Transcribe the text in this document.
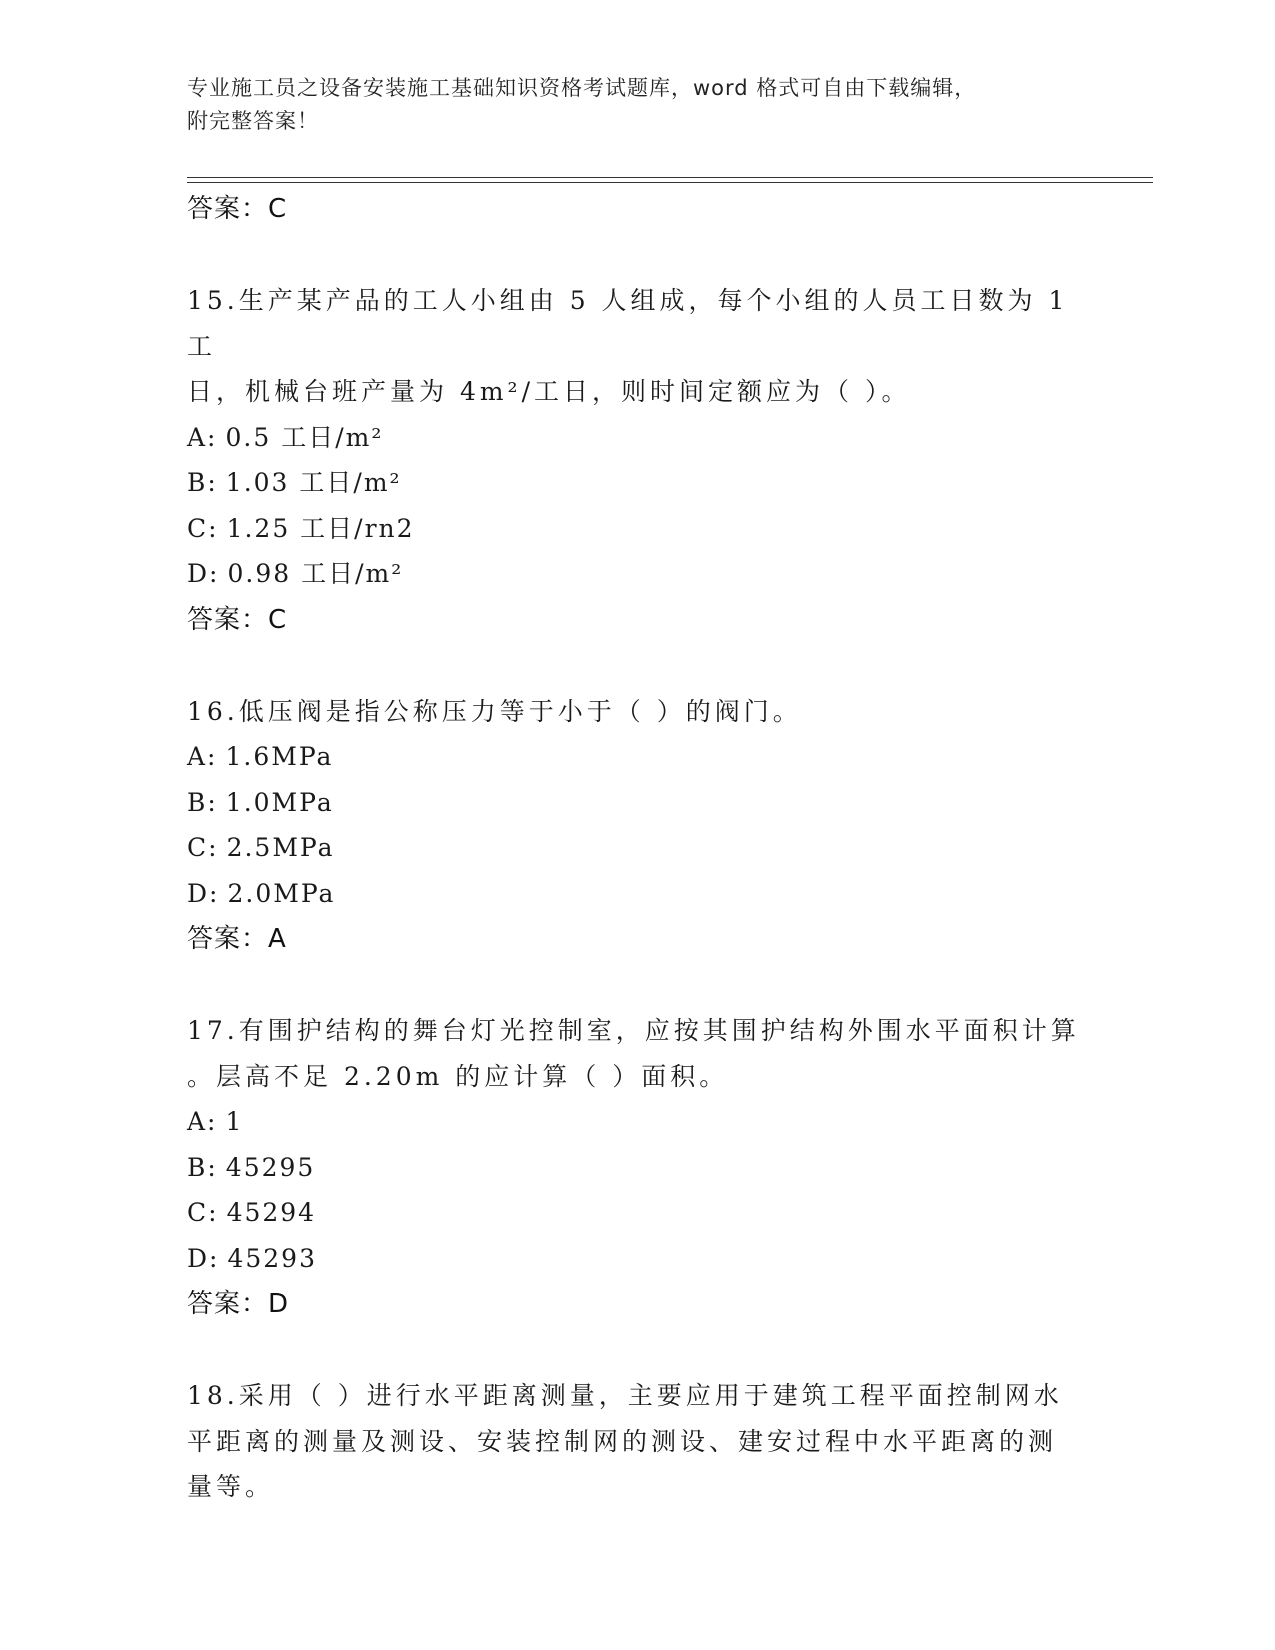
专业施工员之设备安装施工基础知识资格考试题库，word 格式可自由下载编辑，
附完整答案！
答案：C
15.生产某产品的工人小组由 5 人组成，每个小组的人员工日数为 1 工
日，机械台班产量为 4m²/工日，则时间定额应为（ ）。
A: 0.5 工日/m²
B: 1.03 工日/m²
C: 1.25 工日/rn2
D: 0.98 工日/m²
答案：C
16.低压阀是指公称压力等于小于（ ）的阀门。
A: 1.6MPa
B: 1.0MPa
C: 2.5MPa
D: 2.0MPa
答案：A
17.有围护结构的舞台灯光控制室，应按其围护结构外围水平面积计算
。层高不足 2.20m 的应计算（ ）面积。
A: 1
B: 45295
C: 45294
D: 45293
答案：D
18.采用（ ）进行水平距离测量，主要应用于建筑工程平面控制网水
平距离的测量及测设、安装控制网的测设、建安过程中水平距离的测
量等。
